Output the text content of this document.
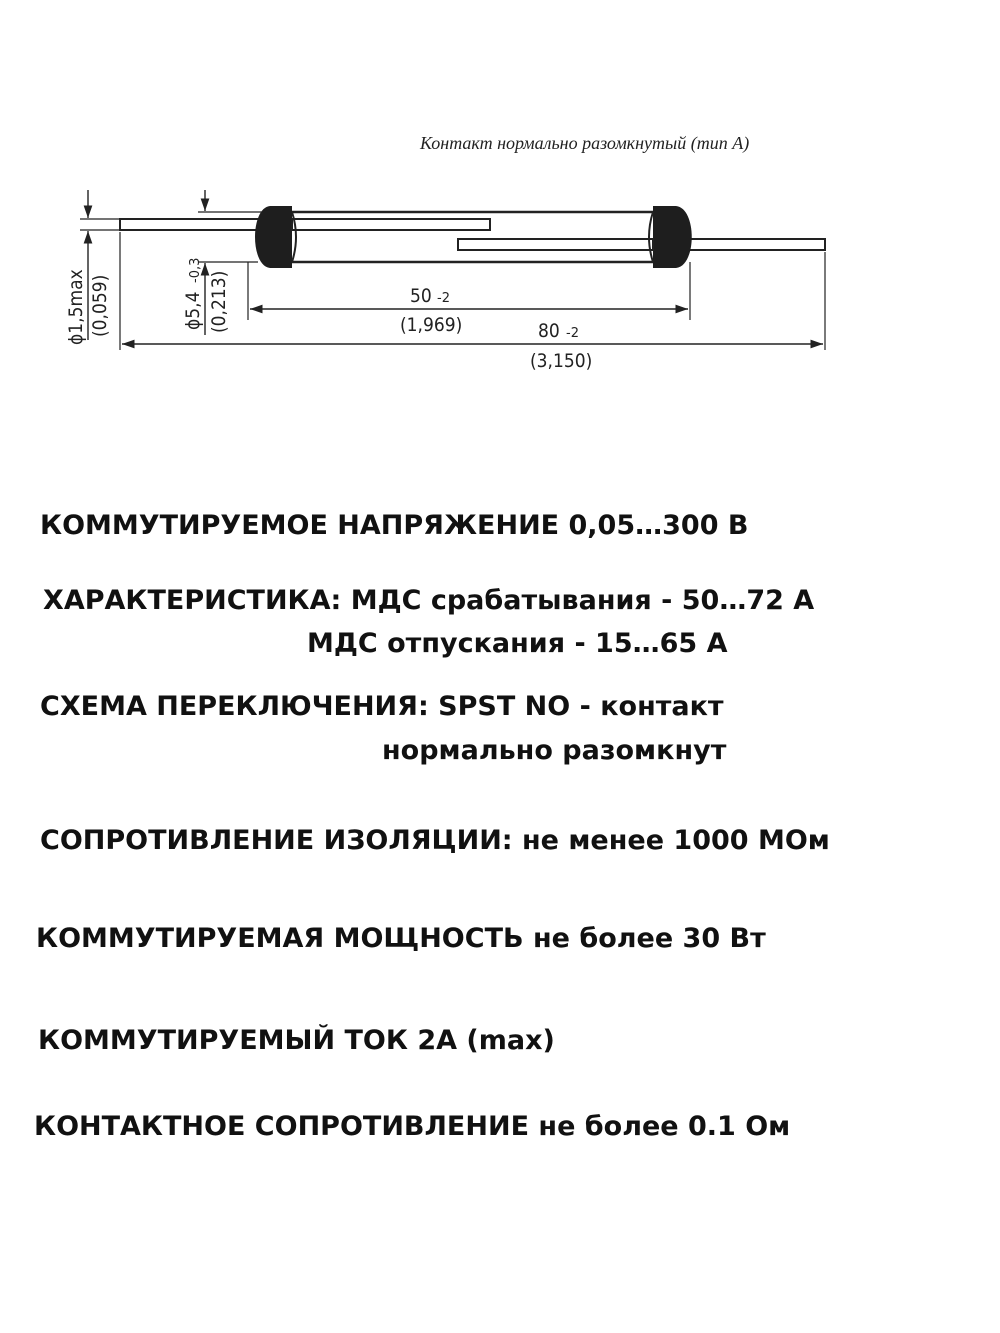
Контакт нормально разомкнутый (тип А)
50 -2
(1,969)	80 -2
(3,150)
ϕ1,5max (0,059)	ϕ5,4
-0,3
(0,213)

КОММУТИРУЕМОЕ НАПРЯЖЕНИЕ 0,05…300 В

ХАРАКТЕРИСТИКА: МДС срабатывания - 50…72 А

МДС отпускания - 15…65 А

СХЕМА ПЕРЕКЛЮЧЕНИЯ: SPST NO - контакт

нормально разомкнут

СОПРОТИВЛЕНИЕ ИЗОЛЯЦИИ: не менее 1000 МОм

КОММУТИРУЕМАЯ МОЩНОСТЬ не более 30 Вт

КОММУТИРУЕМЫЙ ТОК 2А (max)

КОНТАКТНОЕ СОПРОТИВЛЕНИЕ не более 0.1 Ом
